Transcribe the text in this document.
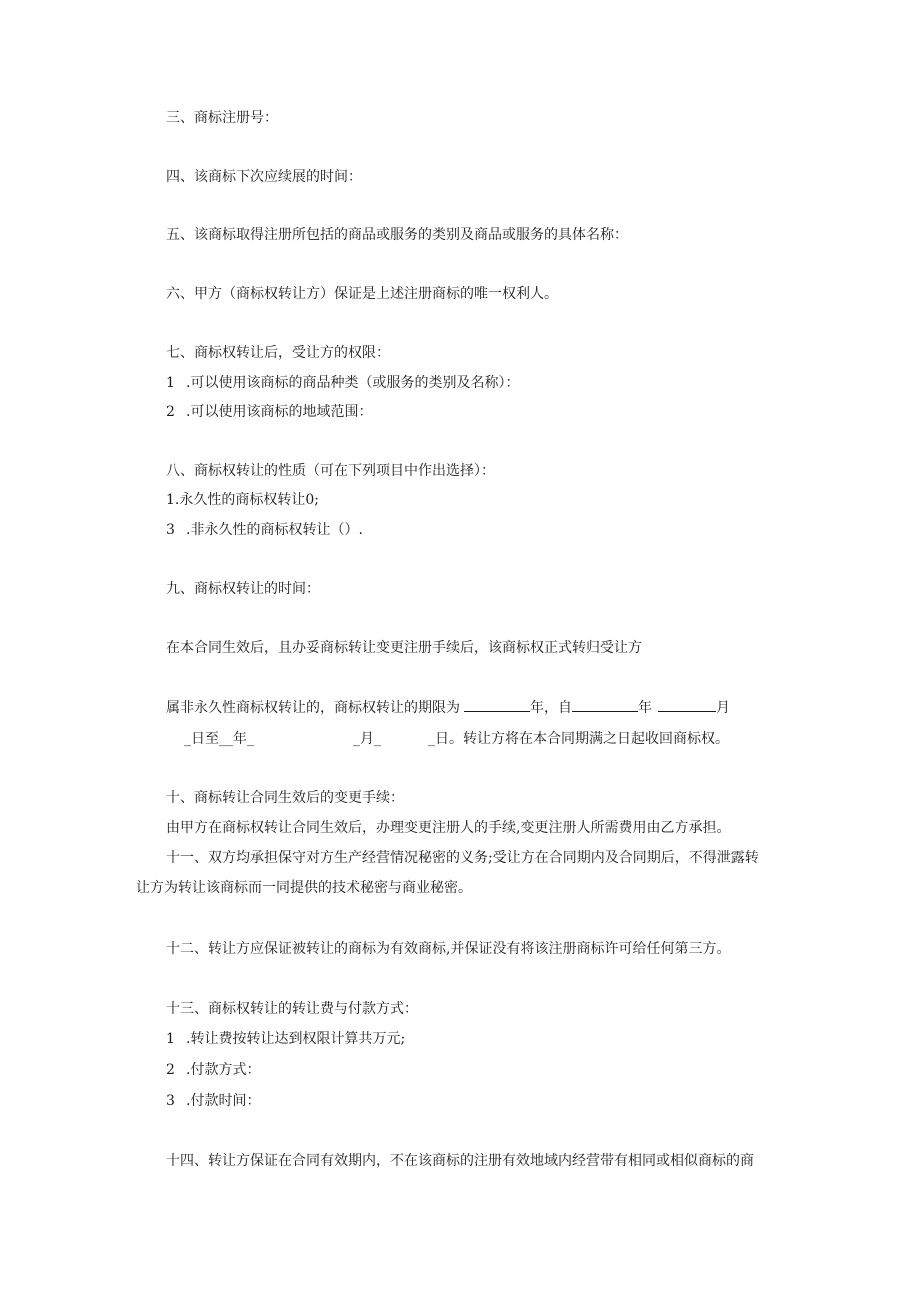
三、商标注册号：
四、该商标下次应续展的时间：
五、该商标取得注册所包括的商品或服务的类别及商品或服务的具体名称：
六、甲方（商标权转让方）保证是上述注册商标的唯一权利人。
七、商标权转让后，受让方的权限：
1 .可以使用该商标的商品种类（或服务的类别及名称）：
2 .可以使用该商标的地域范围：
八、商标权转让的性质（可在下列项目中作出选择）：
1.永久性的商标权转让0;
3 .非永久性的商标权转让（）.
九、商标权转让的时间：
在本合同生效后，且办妥商标转让变更注册手续后，该商标权正式转归受让方
属非永久性商标权转让的，商标权转让的期限为	年，自	年	月
_日至__年_	_月_	_日。转让方将在本合同期满之日起收回商标权。
十、商标转让合同生效后的变更手续：
由甲方在商标权转让合同生效后，办理变更注册人的手续,变更注册人所需费用由乙方承担。
十一、双方均承担保守对方生产经营情况秘密的义务;受让方在合同期内及合同期后，不得泄露转
让方为转让该商标而一同提供的技术秘密与商业秘密。
十二、转让方应保证被转让的商标为有效商标,并保证没有将该注册商标许可给任何第三方。
十三、商标权转让的转让费与付款方式：
1 .转让费按转让达到权限计算共万元;
2 .付款方式：
3 .付款时间：
十四、转让方保证在合同有效期内，不在该商标的注册有效地域内经营带有相同或相似商标的商
